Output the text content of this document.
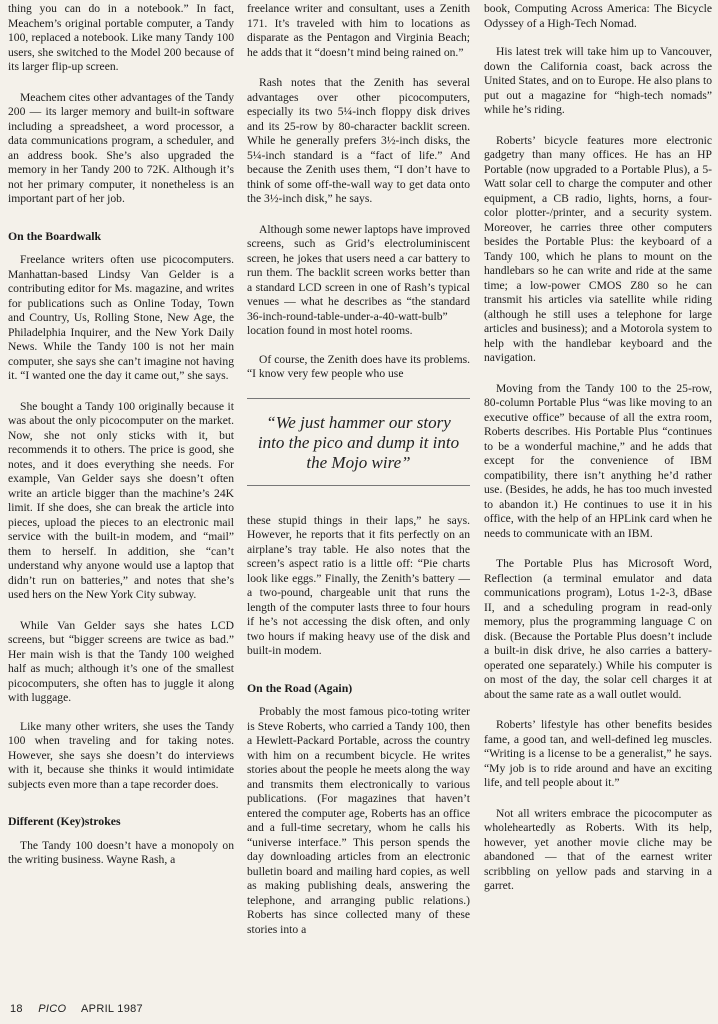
thing you can do in a notebook.” In fact, Meachem’s original portable computer, a Tandy 100, replaced a notebook. Like many Tandy 100 users, she switched to the Model 200 because of its larger flip-up screen.

Meachem cites other advantages of the Tandy 200 — its larger memory and built-in software including a spreadsheet, a word processor, a data communications program, a scheduler, and an address book. She’s also upgraded the memory in her Tandy 200 to 72K. Although it’s not her primary computer, it nonetheless is an important part of her job.

On the Boardwalk

Freelance writers often use picocomputers. Manhattan-based Lindsy Van Gelder is a contributing editor for Ms. magazine, and writes for publications such as Online Today, Town and Country, Us, Rolling Stone, New Age, the Philadelphia Inquirer, and the New York Daily News. While the Tandy 100 is not her main computer, she says she can’t imagine not having it. “I wanted one the day it came out,” she says.

She bought a Tandy 100 originally because it was about the only picocomputer on the market. Now, she not only sticks with it, but recommends it to others. The price is good, she notes, and it does everything she needs. For example, Van Gelder says she doesn’t often write an article bigger than the machine’s 24K limit. If she does, she can break the article into pieces, upload the pieces to an electronic mail service with the built-in modem, and “mail” them to herself. In addition, she “can’t understand why anyone would use a laptop that didn’t run on batteries,” and notes that she’s used hers on the New York City subway.

While Van Gelder says she hates LCD screens, but “bigger screens are twice as bad.” Her main wish is that the Tandy 100 weighed half as much; although it’s one of the smallest picocomputers, she often has to juggle it along with luggage.

Like many other writers, she uses the Tandy 100 when traveling and for taking notes. However, she says she doesn’t do interviews with it, because she thinks it would intimidate subjects even more than a tape recorder does.

Different (Key)strokes

The Tandy 100 doesn’t have a monopoly on the writing business. Wayne Rash, a

freelance writer and consultant, uses a Zenith 171. It’s traveled with him to locations as disparate as the Pentagon and Virginia Beach; he adds that it “doesn’t mind being rained on.”

Rash notes that the Zenith has several advantages over other picocomputers, especially its two 5¼-inch floppy disk drives and its 25-row by 80-character backlit screen. While he generally prefers 3½-inch disks, the 5¼-inch standard is a “fact of life.” And because the Zenith uses them, “I don’t have to think of some off-the-wall way to get data onto the 3½-inch disk,” he says.

Although some newer laptops have improved screens, such as Grid’s electroluminiscent screen, he jokes that users need a car battery to run them. The backlit screen works better than a standard LCD screen in one of Rash’s typical venues — what he describes as “the standard 36-inch-round-table-under-a-40-watt-bulb” location found in most hotel rooms.

Of course, the Zenith does have its problems. “I know very few people who use

“We just hammer our story into the pico and dump it into the Mojo wire”

these stupid things in their laps,” he says. However, he reports that it fits perfectly on an airplane’s tray table. He also notes that the screen’s aspect ratio is a little off: “Pie charts look like eggs.” Finally, the Zenith’s battery — a two-pound, chargeable unit that runs the length of the computer lasts three to four hours if he’s not accessing the disk often, and only two hours if making heavy use of the disk and built-in modem.

On the Road (Again)

Probably the most famous pico-toting writer is Steve Roberts, who carried a Tandy 100, then a Hewlett-Packard Portable, across the country with him on a recumbent bicycle. He writes stories about the people he meets along the way and transmits them electronically to various publications. (For magazines that haven’t entered the computer age, Roberts has an office and a full-time secretary, whom he calls his “universe interface.” This person spends the day downloading articles from an electronic bulletin board and mailing hard copies, as well as making publishing deals, answering the telephone, and arranging public relations.) Roberts has since collected many of these stories into a

book, Computing Across America: The Bicycle Odyssey of a High-Tech Nomad.

His latest trek will take him up to Vancouver, down the California coast, back across the United States, and on to Europe. He also plans to put out a magazine for “high-tech nomads” while he’s riding.

Roberts’ bicycle features more electronic gadgetry than many offices. He has an HP Portable (now upgraded to a Portable Plus), a 5-Watt solar cell to charge the computer and other equipment, a CB radio, lights, horns, a four-color plotter-/printer, and a security system. Moreover, he carries three other computers besides the Portable Plus: the keyboard of a Tandy 100, which he plans to mount on the handlebars so he can write and ride at the same time; a low-power CMOS Z80 so he can transmit his articles via satellite while riding (although he still uses a telephone for large articles and business); and a Motorola system to help with the handlebar keyboard and the navigation.

Moving from the Tandy 100 to the 25-row, 80-column Portable Plus “was like moving to an executive office” because of all the extra room, Roberts describes. His Portable Plus “continues to be a wonderful machine,” and he adds that except for the convenience of IBM compatibility, there isn’t anything he’d rather use. (Besides, he adds, he has too much invested to abandon it.) He continues to use it in his office, with the help of an HPLink card when he needs to communicate with an IBM.

The Portable Plus has Microsoft Word, Reflection (a terminal emulator and data communications program), Lotus 1-2-3, dBase II, and a scheduling program in read-only memory, plus the programming language C on disk. (Because the Portable Plus doesn’t include a built-in disk drive, he also carries a battery-operated one separately.) While his computer is on most of the day, the solar cell charges it at about the same rate as a wall outlet would.

Roberts’ lifestyle has other benefits besides fame, a good tan, and well-defined leg muscles. “Writing is a license to be a generalist,” he says. “My job is to ride around and have an exciting life, and tell people about it.”

Not all writers embrace the picocomputer as wholeheartedly as Roberts. With its help, however, yet another movie cliche may be abandoned — that of the earnest writer scribbling on yellow pads and starving in a garret.

18 PICO APRIL 1987
